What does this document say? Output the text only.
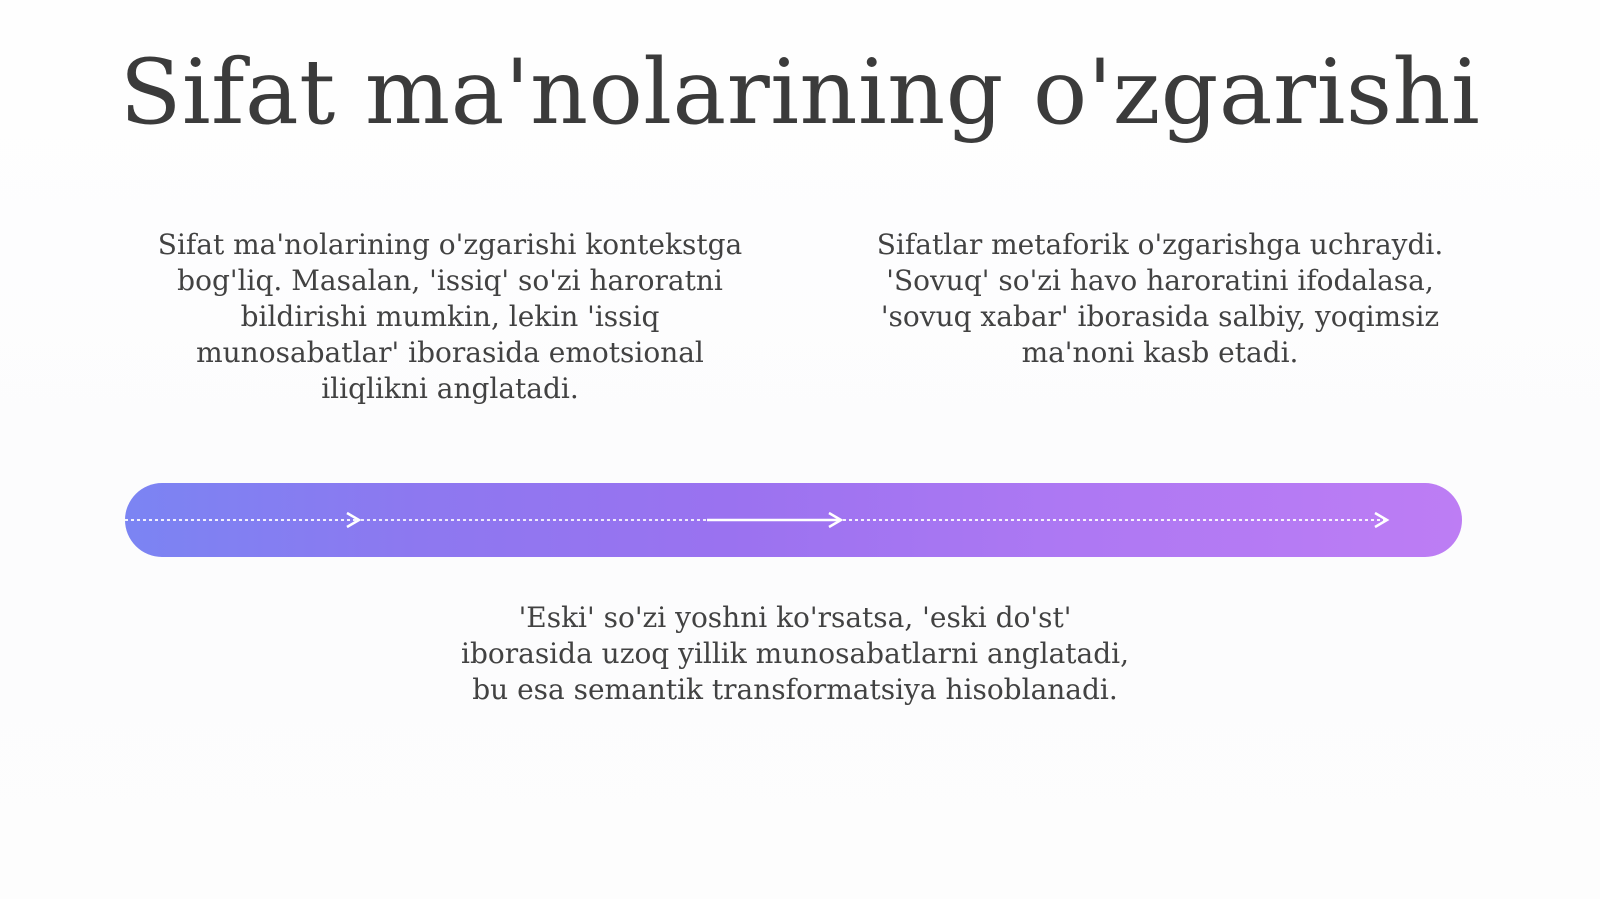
Sifat ma'nolarining o'zgarishi

Sifat ma'nolarining o'zgarishi kontekstga bog'liq. Masalan, 'issiq' so'zi haroratni bildirishi mumkin, lekin 'issiq munosabatlar' iborasida emotsional iliqlikni anglatadi.

Sifatlar metaforik o'zgarishga uchraydi. 'Sovuq' so'zi havo haroratini ifodalasa, 'sovuq xabar' iborasida salbiy, yoqimsiz ma'noni kasb etadi.

'Eski' so'zi yoshni ko'rsatsa, 'eski do'st' iborasida uzoq yillik munosabatlarni anglatadi, bu esa semantik transformatsiya hisoblanadi.
